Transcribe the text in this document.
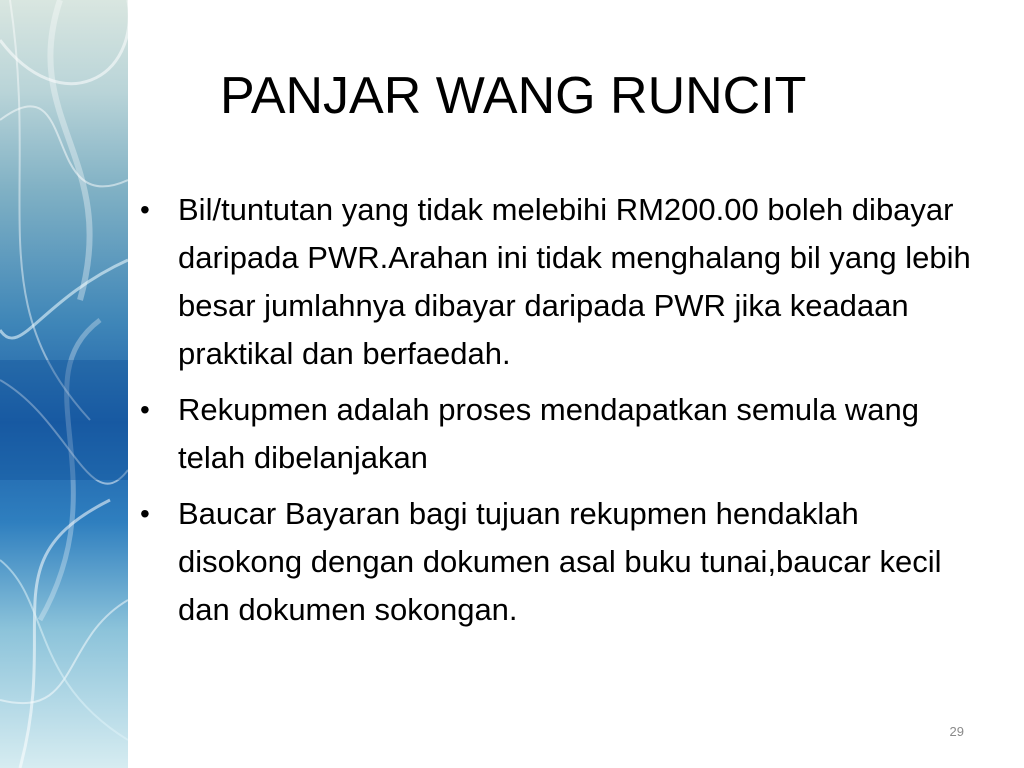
PANJAR WANG RUNCIT
• Bil/tuntutan yang tidak melebihi RM200.00 boleh dibayar daripada PWR.Arahan ini tidak menghalang bil yang lebih besar jumlahnya dibayar daripada PWR jika keadaan praktikal dan berfaedah.
• Rekupmen adalah proses mendapatkan semula wang telah dibelanjakan
• Baucar Bayaran bagi tujuan rekupmen hendaklah disokong dengan dokumen asal buku tunai,baucar kecil dan dokumen sokongan.
29
